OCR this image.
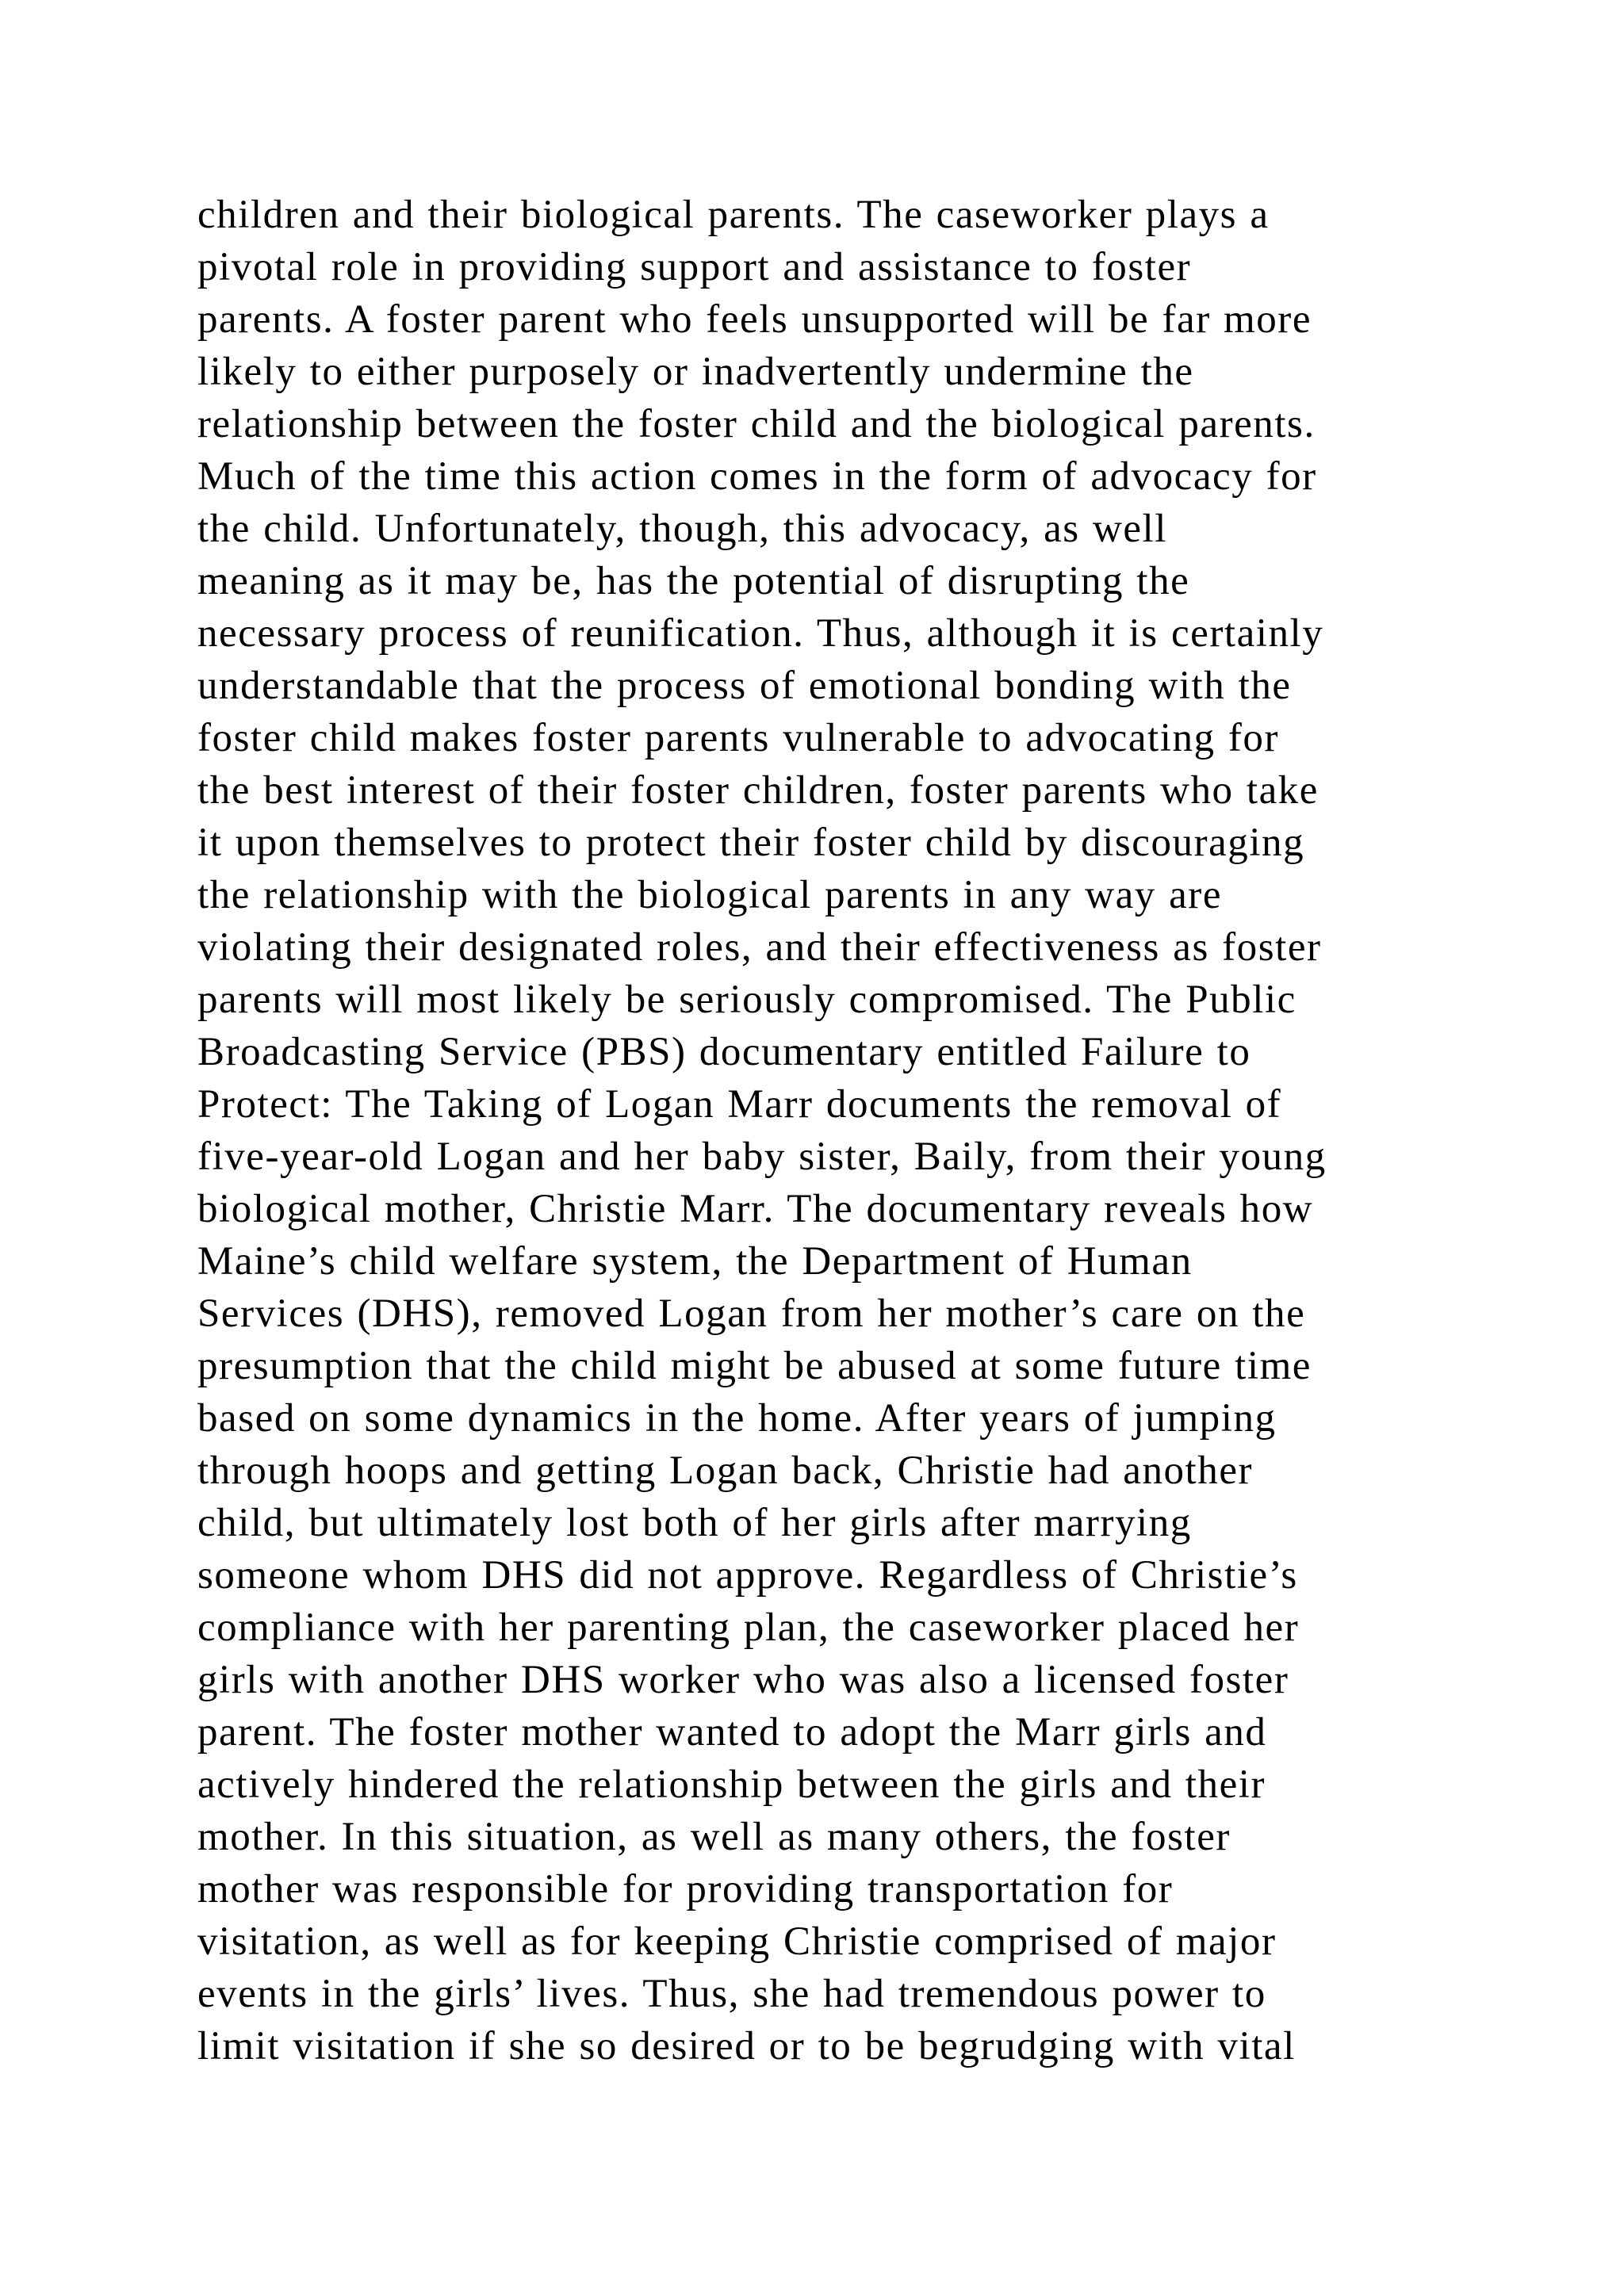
children and their biological parents. The caseworker plays a
pivotal role in providing support and assistance to foster
parents. A foster parent who feels unsupported will be far more
likely to either purposely or inadvertently undermine the
relationship between the foster child and the biological parents.
Much of the time this action comes in the form of advocacy for
the child. Unfortunately, though, this advocacy, as well
meaning as it may be, has the potential of disrupting the
necessary process of reunification. Thus, although it is certainly
understandable that the process of emotional bonding with the
foster child makes foster parents vulnerable to advocating for
the best interest of their foster children, foster parents who take
it upon themselves to protect their foster child by discouraging
the relationship with the biological parents in any way are
violating their designated roles, and their effectiveness as foster
parents will most likely be seriously compromised. The Public
Broadcasting Service (PBS) documentary entitled Failure to
Protect: The Taking of Logan Marr documents the removal of
five-year-old Logan and her baby sister, Baily, from their young
biological mother, Christie Marr. The documentary reveals how
Maine’s child welfare system, the Department of Human
Services (DHS), removed Logan from her mother’s care on the
presumption that the child might be abused at some future time
based on some dynamics in the home. After years of jumping
through hoops and getting Logan back, Christie had another
child, but ultimately lost both of her girls after marrying
someone whom DHS did not approve. Regardless of Christie’s
compliance with her parenting plan, the caseworker placed her
girls with another DHS worker who was also a licensed foster
parent. The foster mother wanted to adopt the Marr girls and
actively hindered the relationship between the girls and their
mother. In this situation, as well as many others, the foster
mother was responsible for providing transportation for
visitation, as well as for keeping Christie comprised of major
events in the girls’ lives. Thus, she had tremendous power to
limit visitation if she so desired or to be begrudging with vital
